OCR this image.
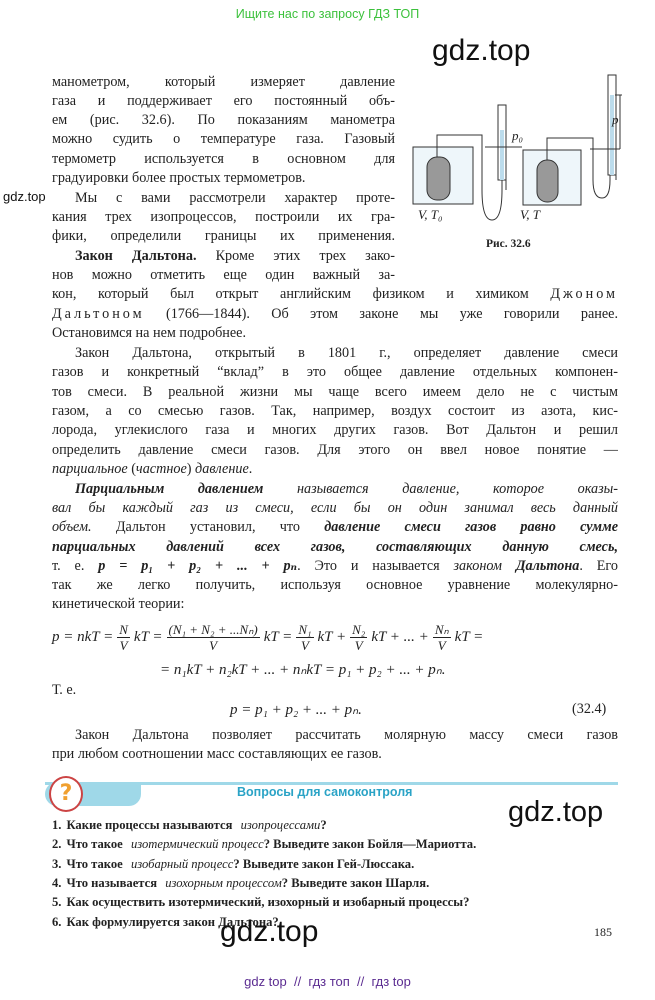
Ищите нас по запросу ГДЗ ТОП
gdz.top
gdz.top
p₀
p
V, T₀	V, T
Рис. 32.6
манометром, который измеряет давление
газа и поддерживает его постоянный объ-
ем (рис. 32.6). По показаниям манометра
можно судить о температуре газа. Газовый
термометр используется в основном для
градуировки более простых термометров.
Мы с вами рассмотрели характер проте-
кания трех изопроцессов, построили их гра-
фики, определили границы их применения.
Закон Дальтона. Кроме этих трех зако-
нов можно отметить еще один важный за-
кон, который был открыт английским физиком и химиком Джоном
Дальтоном (1766—1844). Об этом законе мы уже говорили ранее.
Остановимся на нем подробнее.
Закон Дальтона, открытый в 1801 г., определяет давление смеси
газов и конкретный “вклад” в это общее давление отдельных компонен-
тов смеси. В реальной жизни мы чаще всего имеем дело не с чистым
газом, а со смесью газов. Так, например, воздух состоит из азота, кис-
лорода, углекислого газа и многих других газов. Вот Дальтон и решил
определить давление смеси газов. Для этого он ввел новое понятие —
парциальное (частное) давление.
Парциальным давлением называется давление, которое оказы-
вал бы каждый газ из смеси, если бы он один занимал весь данный
объем. Дальтон установил, что давление смеси газов равно сумме
парциальных давлений всех газов, составляющих данную смесь,
т. е. p = p₁ + p₂ + ... + pₙ. Это и называется законом Дальтона. Его
так же легко получить, используя основное уравнение молекулярно-
кинетической теории:
Т. е.
Закон Дальтона позволяет рассчитать молярную массу смеси газов
при любом соотношении масс составляющих ее газов.
p = nkT = $\frac{N}{V}$ kT = $\frac{\text{(N₁ + N₂ + ...Nₙ)}}{V}$ kT = $\frac{\text{N₁}}{V}$ kT + $\frac{\text{N₂}}{V}$ kT + ... + $\frac{\text{Nₙ}}{V}$ kT =
= n₁kT + n₂kT + ... + nₙkT = p₁ + p₂ + ... + pₙ.
p = p₁ + p₂ + ... + pₙ.	(32.4)
?	Вопросы для самоконтроля
gdz.top
1. Какие процессы называются изопроцессами?
2. Что такое изотермический процесс? Выведите закон Бойля—Мариотта.
3. Что такое изобарный процесс? Выведите закон Гей-Люссака.
4. Что называется изохорным процессом? Выведите закон Шарля.
5. Как осуществить изотермический, изохорный и изобарный процессы?
6. Как формулируется закон Дальтона?
185
gdz.top
gdz top  //  гдз топ  //  гдз top
